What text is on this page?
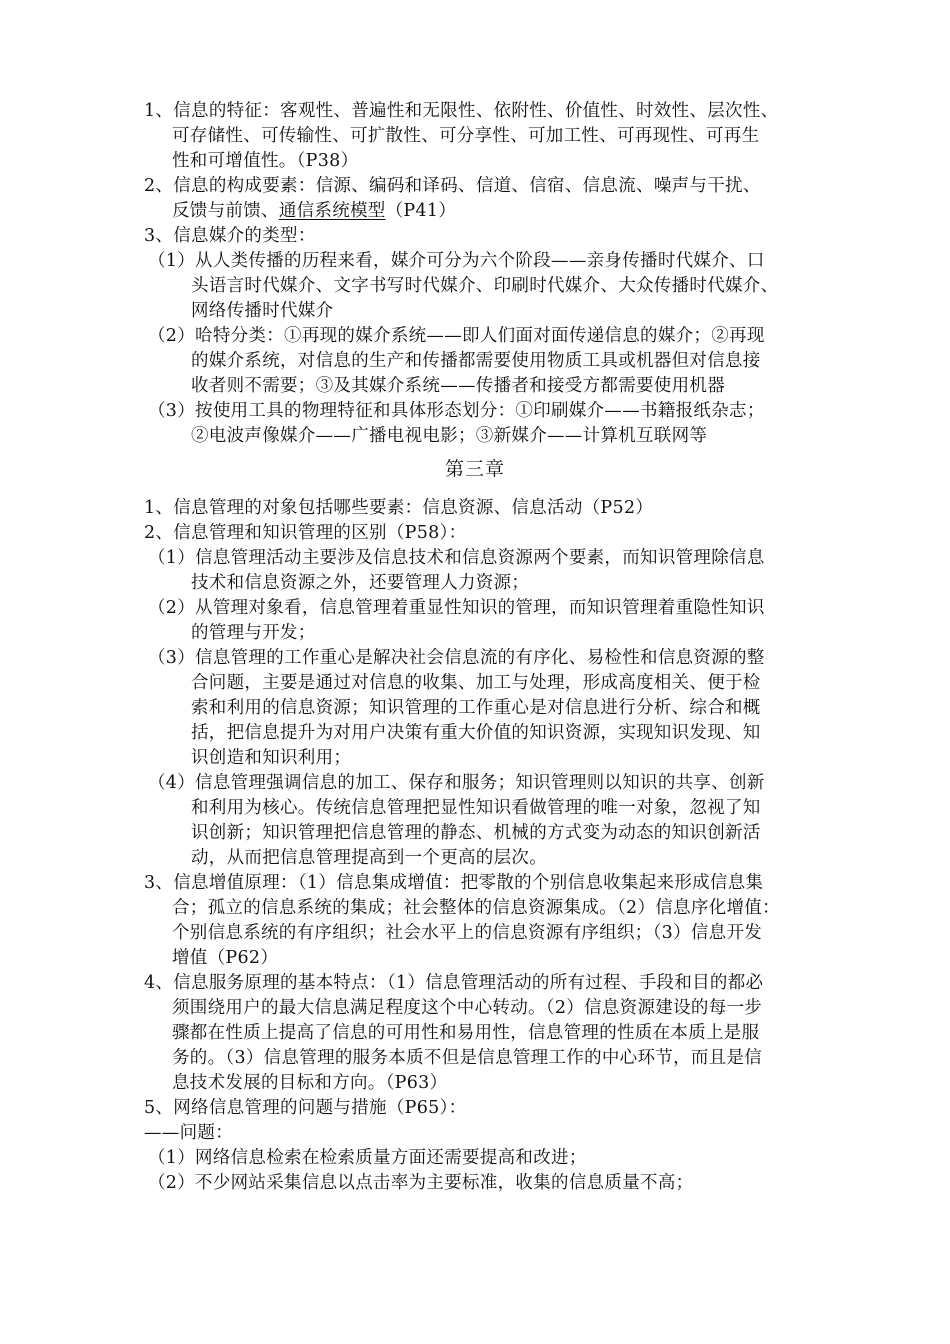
1、信息的特征：客观性、普遍性和无限性、依附性、价值性、时效性、层次性、
可存储性、可传输性、可扩散性、可分享性、可加工性、可再现性、可再生
性和可增值性。（P38）
2、信息的构成要素：信源、编码和译码、信道、信宿、信息流、噪声与干扰、
反馈与前馈、通信系统模型（P41）
3、信息媒介的类型：
（1）从人类传播的历程来看，媒介可分为六个阶段——亲身传播时代媒介、口
头语言时代媒介、文字书写时代媒介、印刷时代媒介、大众传播时代媒介、
网络传播时代媒介
（2）哈特分类：①再现的媒介系统——即人们面对面传递信息的媒介；②再现
的媒介系统，对信息的生产和传播都需要使用物质工具或机器但对信息接
收者则不需要；③及其媒介系统——传播者和接受方都需要使用机器
（3）按使用工具的物理特征和具体形态划分：①印刷媒介——书籍报纸杂志；
②电波声像媒介——广播电视电影；③新媒介——计算机互联网等
第三章
1、信息管理的对象包括哪些要素：信息资源、信息活动（P52）
2、信息管理和知识管理的区别（P58）：
（1）信息管理活动主要涉及信息技术和信息资源两个要素，而知识管理除信息
技术和信息资源之外，还要管理人力资源；
（2）从管理对象看，信息管理着重显性知识的管理，而知识管理着重隐性知识
的管理与开发；
（3）信息管理的工作重心是解决社会信息流的有序化、易检性和信息资源的整
合问题，主要是通过对信息的收集、加工与处理，形成高度相关、便于检
索和利用的信息资源；知识管理的工作重心是对信息进行分析、综合和概
括，把信息提升为对用户决策有重大价值的知识资源，实现知识发现、知
识创造和知识利用；
（4）信息管理强调信息的加工、保存和服务；知识管理则以知识的共享、创新
和利用为核心。传统信息管理把显性知识看做管理的唯一对象，忽视了知
识创新；知识管理把信息管理的静态、机械的方式变为动态的知识创新活
动，从而把信息管理提高到一个更高的层次。
3、信息增值原理：（1）信息集成增值：把零散的个别信息收集起来形成信息集
合；孤立的信息系统的集成；社会整体的信息资源集成。（2）信息序化增值：
个别信息系统的有序组织；社会水平上的信息资源有序组织；（3）信息开发
增值（P62）
4、信息服务原理的基本特点：（1）信息管理活动的所有过程、手段和目的都必
须围绕用户的最大信息满足程度这个中心转动。（2）信息资源建设的每一步
骤都在性质上提高了信息的可用性和易用性，信息管理的性质在本质上是服
务的。（3）信息管理的服务本质不但是信息管理工作的中心环节，而且是信
息技术发展的目标和方向。（P63）
5、网络信息管理的问题与措施（P65）：
——问题：
（1）网络信息检索在检索质量方面还需要提高和改进；
（2）不少网站采集信息以点击率为主要标准，收集的信息质量不高；
